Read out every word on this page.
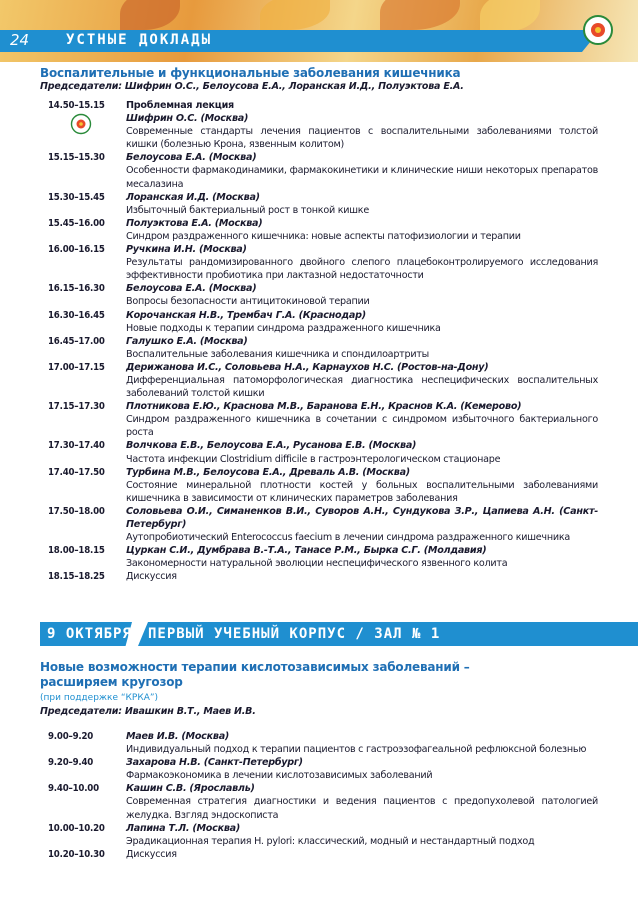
24	УСТНЫЕ ДОКЛАДЫ
Воспалительные и функциональные заболевания кишечника
Председатели: Шифрин О.С., Белоусова Е.А., Лоранская И.Д., Полуэктова Е.А.
14.50–15.15	Проблемная лекция
Шифрин О.С. (Москва)
Современные стандарты лечения пациентов с воспалительными заболеваниями толстой кишки (болезнью Крона, язвенным колитом)
15.15–15.30	Белоусова Е.А. (Москва)
Особенности фармакодинамики, фармакокинетики и клинические ниши некоторых препаратов месалазина
15.30–15.45	Лоранская И.Д. (Москва)
Избыточный бактериальный рост в тонкой кишке
15.45–16.00	Полуэктова Е.А. (Москва)
Синдром раздраженного кишечника: новые аспекты патофизиологии и терапии
16.00–16.15	Ручкина И.Н. (Москва)
Результаты рандомизированного двойного слепого плацебоконтролируемого исследования эффективности пробиотика при лактазной недостаточности
16.15–16.30	Белоусова Е.А. (Москва)
Вопросы безопасности антицитокиновой терапии
16.30–16.45	Корочанская Н.В., Трембач Г.А. (Краснодар)
Новые подходы к терапии синдрома раздраженного кишечника
16.45–17.00	Галушко Е.А. (Москва)
Воспалительные заболевания кишечника и спондилоартриты
17.00–17.15	Дерижанова И.С., Соловьева Н.А., Карнаухов Н.С. (Ростов-на-Дону)
Дифференциальная патоморфологическая диагностика неспецифических воспалительных заболеваний толстой кишки
17.15–17.30	Плотникова Е.Ю., Краснова М.В., Баранова Е.Н., Краснов К.А. (Кемерово)
Синдром раздраженного кишечника в сочетании с синдромом избыточного бактериального роста
17.30–17.40	Волчкова Е.В., Белоусова Е.А., Русанова Е.В. (Москва)
Частота инфекции Clostridium difficile в гастроэнтерологическом стационаре
17.40–17.50	Турбина М.В., Белоусова Е.А., Древаль А.В. (Москва)
Состояние минеральной плотности костей у больных воспалительными заболеваниями кишечника в зависимости от клинических параметров заболевания
17.50–18.00	Соловьева О.И., Симаненков В.И., Суворов А.Н., Сундукова З.Р., Цапиева А.Н. (Санкт-Петербург)
Аутопробиотический Enterococcus faecium в лечении синдрома раздраженного кишечника
18.00–18.15	Цуркан С.И., Думбрава В.-Т.А., Танасе Р.М., Бырка С.Г. (Молдавия)
Закономерности натуральной эволюции неспецифического язвенного колита
18.15–18.25	Дискуссия
9 ОКТЯБРЯ ПЕРВЫЙ УЧЕБНЫЙ КОРПУС / ЗАЛ № 1
Новые возможности терапии кислотозависимых заболеваний –
расширяем кругозор
(при поддержке “КРКА”)
Председатели: Ивашкин В.Т., Маев И.В.
9.00–9.20	Маев И.В. (Москва)
Индивидуальный подход к терапии пациентов с гастроэзофагеальной рефлюксной болезнью
9.20–9.40	Захарова Н.В. (Санкт-Петербург)
Фармакоэкономика в лечении кислотозависимых заболеваний
9.40–10.00	Кашин С.В. (Ярославль)
Современная стратегия диагностики и ведения пациентов с предопухолевой патологией желудка. Взгляд эндоскописта
10.00–10.20	Лапина Т.Л. (Москва)
Эрадикационная терапия H. pylori: классический, модный и нестандартный подход
10.20–10.30	Дискуссия
